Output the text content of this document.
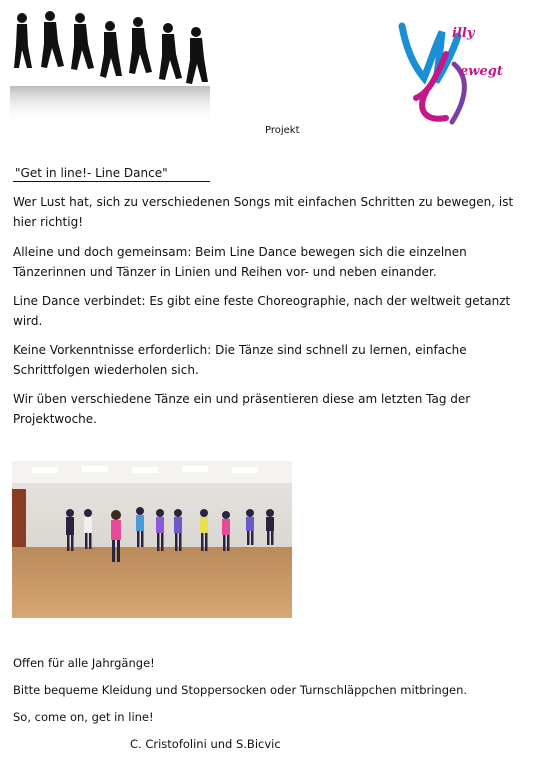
illy
ewegt
Projekt
"Get in line!- Line Dance"

Wer Lust hat, sich zu verschiedenen Songs mit einfachen Schritten zu bewegen, ist hier richtig!

Alleine und doch gemeinsam: Beim Line Dance bewegen sich die einzelnen Tänzerinnen und Tänzer in Linien und Reihen vor- und neben einander.

Line Dance verbindet: Es gibt eine feste Choreographie, nach der weltweit getanzt wird.

Keine Vorkenntnisse erforderlich: Die Tänze sind schnell zu lernen, einfache Schrittfolgen wiederholen sich.

Wir üben verschiedene Tänze ein und präsentieren diese am letzten Tag der Projektwoche.

Offen für alle Jahrgänge!
Bitte bequeme Kleidung und Stoppersocken oder Turnschläppchen mitbringen.
So, come on, get in line!
C. Cristofolini und S.Bicvic
